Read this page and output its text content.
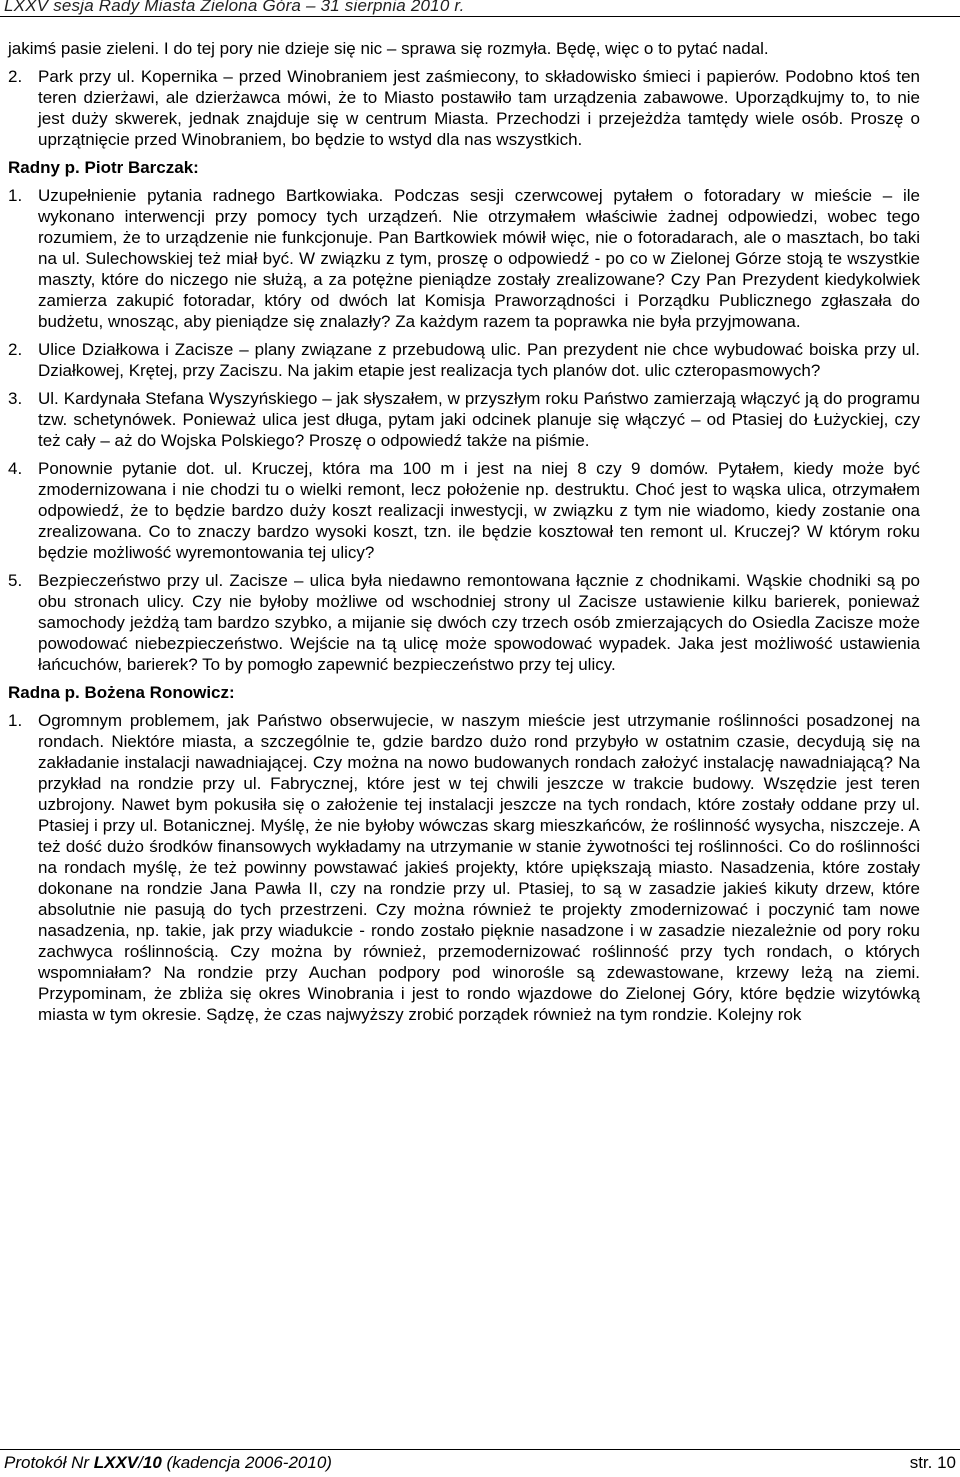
LXXV sesja Rady Miasta Zielona Góra – 31 sierpnia 2010 r.

jakimś pasie zieleni. I do tej pory nie dzieje się nic – sprawa się rozmyła. Będę, więc o to pytać nadal.

2. Park przy ul. Kopernika – przed Winobraniem jest zaśmiecony, to składowisko śmieci i papierów. Podobno ktoś ten teren dzierżawi, ale dzierżawca mówi, że to Miasto postawiło tam urządzenia zabawowe. Uporządkujmy to, to nie jest duży skwerek, jednak znajduje się w centrum Miasta. Przechodzi i przejeżdża tamtędy wiele osób. Proszę o uprzątnięcie przed Winobraniem, bo będzie to wstyd dla nas wszystkich.

Radny p. Piotr Barczak:

1. Uzupełnienie pytania radnego Bartkowiaka. Podczas sesji czerwcowej pytałem o fotoradary w mieście – ile wykonano interwencji przy pomocy tych urządzeń. Nie otrzymałem właściwie żadnej odpowiedzi, wobec tego rozumiem, że to urządzenie nie funkcjonuje. Pan Bartkowiek mówił więc, nie o fotoradarach, ale o masztach, bo taki na ul. Sulechowskiej też miał być. W związku z tym, proszę o odpowiedź - po co w Zielonej Górze stoją te wszystkie maszty, które do niczego nie służą, a za potężne pieniądze zostały zrealizowane? Czy Pan Prezydent kiedykolwiek zamierza zakupić fotoradar, który od dwóch lat Komisja Praworządności i Porządku Publicznego zgłaszała do budżetu, wnosząc, aby pieniądze się znalazły? Za każdym razem ta poprawka nie była przyjmowana.
2. Ulice Działkowa i Zacisze – plany związane z przebudową ulic. Pan prezydent nie chce wybudować boiska przy ul. Działkowej, Krętej, przy Zaciszu. Na jakim etapie jest realizacja tych planów dot. ulic czteropasmowych?
3. Ul. Kardynała Stefana Wyszyńskiego – jak słyszałem, w przyszłym roku Państwo zamierzają włączyć ją do programu tzw. schetynówek. Ponieważ ulica jest długa, pytam jaki odcinek planuje się włączyć – od Ptasiej do Łużyckiej, czy też cały – aż do Wojska Polskiego? Proszę o odpowiedź także na piśmie.
4. Ponownie pytanie dot. ul. Kruczej, która ma 100 m i jest na niej 8 czy 9 domów. Pytałem, kiedy może być zmodernizowana i nie chodzi tu o wielki remont, lecz położenie np. destruktu. Choć jest to wąska ulica, otrzymałem odpowiedź, że to będzie bardzo duży koszt realizacji inwestycji, w związku z tym nie wiadomo, kiedy zostanie ona zrealizowana. Co to znaczy bardzo wysoki koszt, tzn. ile będzie kosztował ten remont ul. Kruczej? W którym roku będzie możliwość wyremontowania tej ulicy?
5. Bezpieczeństwo przy ul. Zacisze – ulica była niedawno remontowana łącznie z chodnikami. Wąskie chodniki są po obu stronach ulicy. Czy nie byłoby możliwe od wschodniej strony ul Zacisze ustawienie kilku barierek, ponieważ samochody jeżdżą tam bardzo szybko, a mijanie się dwóch czy trzech osób zmierzających do Osiedla Zacisze może powodować niebezpieczeństwo. Wejście na tą ulicę może spowodować wypadek. Jaka jest możliwość ustawienia łańcuchów, barierek? To by pomogło zapewnić bezpieczeństwo przy tej ulicy.

Radna p. Bożena Ronowicz:

1. Ogromnym problemem, jak Państwo obserwujecie, w naszym mieście jest utrzymanie roślinności posadzonej na rondach. Niektóre miasta, a szczególnie te, gdzie bardzo dużo rond przybyło w ostatnim czasie, decydują się na zakładanie instalacji nawadniającej. Czy można na nowo budowanych rondach założyć instalację nawadniającą? Na przykład na rondzie przy ul. Fabrycznej, które jest w tej chwili jeszcze w trakcie budowy. Wszędzie jest teren uzbrojony. Nawet bym pokusiła się o założenie tej instalacji jeszcze na tych rondach, które zostały oddane przy ul. Ptasiej i przy ul. Botanicznej. Myślę, że nie byłoby wówczas skarg mieszkańców, że roślinność wysycha, niszczeje. A też dość dużo środków finansowych wykładamy na utrzymanie w stanie żywotności tej roślinności. Co do roślinności na rondach myślę, że też powinny powstawać jakieś projekty, które upiększają miasto. Nasadzenia, które zostały dokonane na rondzie Jana Pawła II, czy na rondzie przy ul. Ptasiej, to są w zasadzie jakieś kikuty drzew, które absolutnie nie pasują do tych przestrzeni. Czy można również te projekty zmodernizować i poczynić tam nowe nasadzenia, np. takie, jak przy wiadukcie - rondo zostało pięknie nasadzone i w zasadzie niezależnie od pory roku zachwyca roślinnością. Czy można by również, przemodernizować roślinność przy tych rondach, o których wspomniałam? Na rondzie przy Auchan podpory pod winorośle są zdewastowane, krzewy leżą na ziemi. Przypominam, że zbliża się okres Winobrania i jest to rondo wjazdowe do Zielonej Góry, które będzie wizytówką miasta w tym okresie. Sądzę, że czas najwyższy zrobić porządek również na tym rondzie. Kolejny rok
Protokół Nr LXXV/10 (kadencja 2006-2010)	str. 10
